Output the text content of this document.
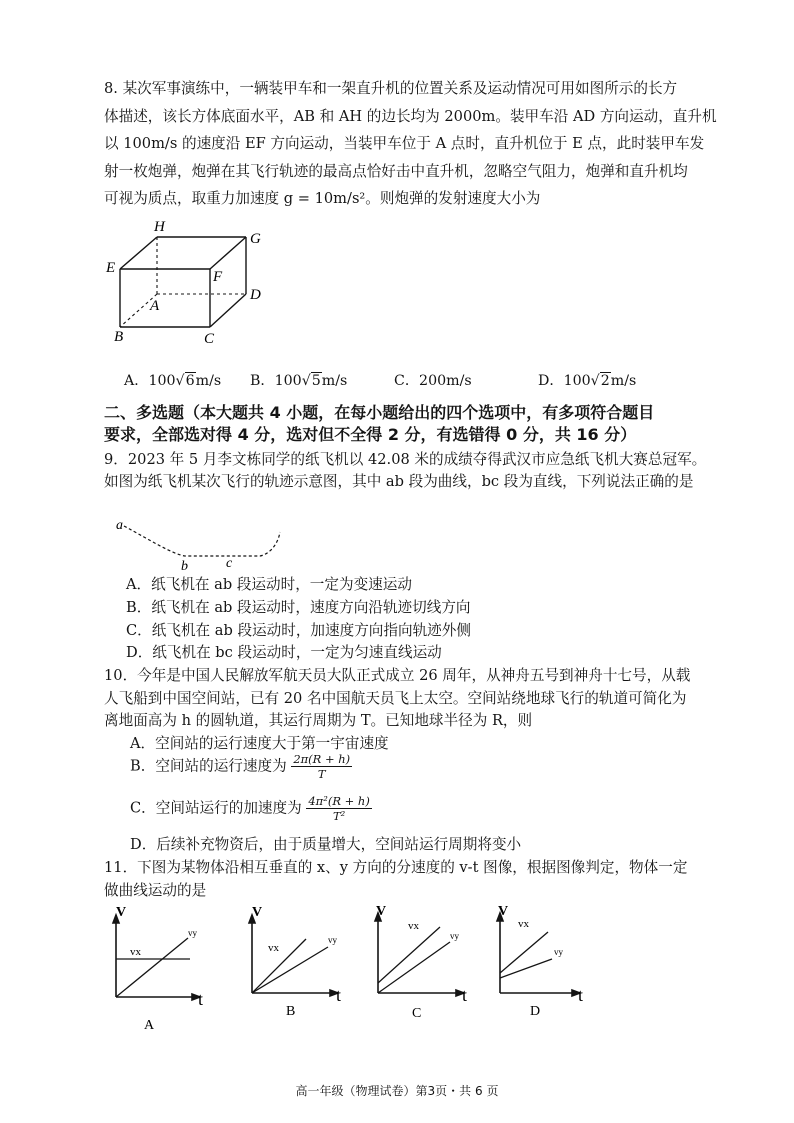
8. 某次军事演练中，一辆装甲车和一架直升机的位置关系及运动情况可用如图所示的长方
体描述，该长方体底面水平，AB 和 AH 的边长均为 2000m。装甲车沿 AD 方向运动，直升机
以 100m/s 的速度沿 EF 方向运动，当装甲车位于 A 点时，直升机位于 E 点，此时装甲车发
射一枚炮弹，炮弹在其飞行轨迹的最高点恰好击中直升机，忽略空气阻力，炮弹和直升机均
可视为质点，取重力加速度 g = 10m/s²。则炮弹的发射速度大小为
H
G
E
F
A
D
B	C
A．100√6m/s B．100√5m/s	C．200m/s	D．100√2m/s
二、多选题（本大题共 4 小题，在每小题给出的四个选项中，有多项符合题目
要求，全部选对得 4 分，选对但不全得 2 分，有选错得 0 分，共 16 分）
9．2023 年 5 月李文栋同学的纸飞机以 42.08 米的成绩夺得武汉市应急纸飞机大赛总冠军。
如图为纸飞机某次飞行的轨迹示意图，其中 ab 段为曲线，bc 段为直线，下列说法正确的是
a
b	c
A．纸飞机在 ab 段运动时，一定为变速运动
B．纸飞机在 ab 段运动时，速度方向沿轨迹切线方向
C．纸飞机在 ab 段运动时，加速度方向指向轨迹外侧
D．纸飞机在 bc 段运动时，一定为匀速直线运动
10．今年是中国人民解放军航天员大队正式成立 26 周年，从神舟五号到神舟十七号，从载
人飞船到中国空间站，已有 20 名中国航天员飞上太空。空间站绕地球飞行的轨道可简化为
离地面高为 h 的圆轨道，其运行周期为 T。已知地球半径为 R，则
A．空间站的运行速度大于第一宇宙速度
B．空间站的运行速度为 $\frac{2\pi(R + h)}{T}$
C．空间站运行的加速度为 $\frac{\text{4π²(R + h)}}{\text{T²}}$
D．后续补充物资后，由于质量增大，空间站运行周期将变小
11．下图为某物体沿相互垂直的 x、y 方向的分速度的 v-t 图像，根据图像判定，物体一定
做曲线运动的是
V
t
vx
vy
A
V
t
vx
vy
B
V
t
vx
vy
C
V
t
vx
vy
D
高一年级（物理试卷）第3页・共 6 页
